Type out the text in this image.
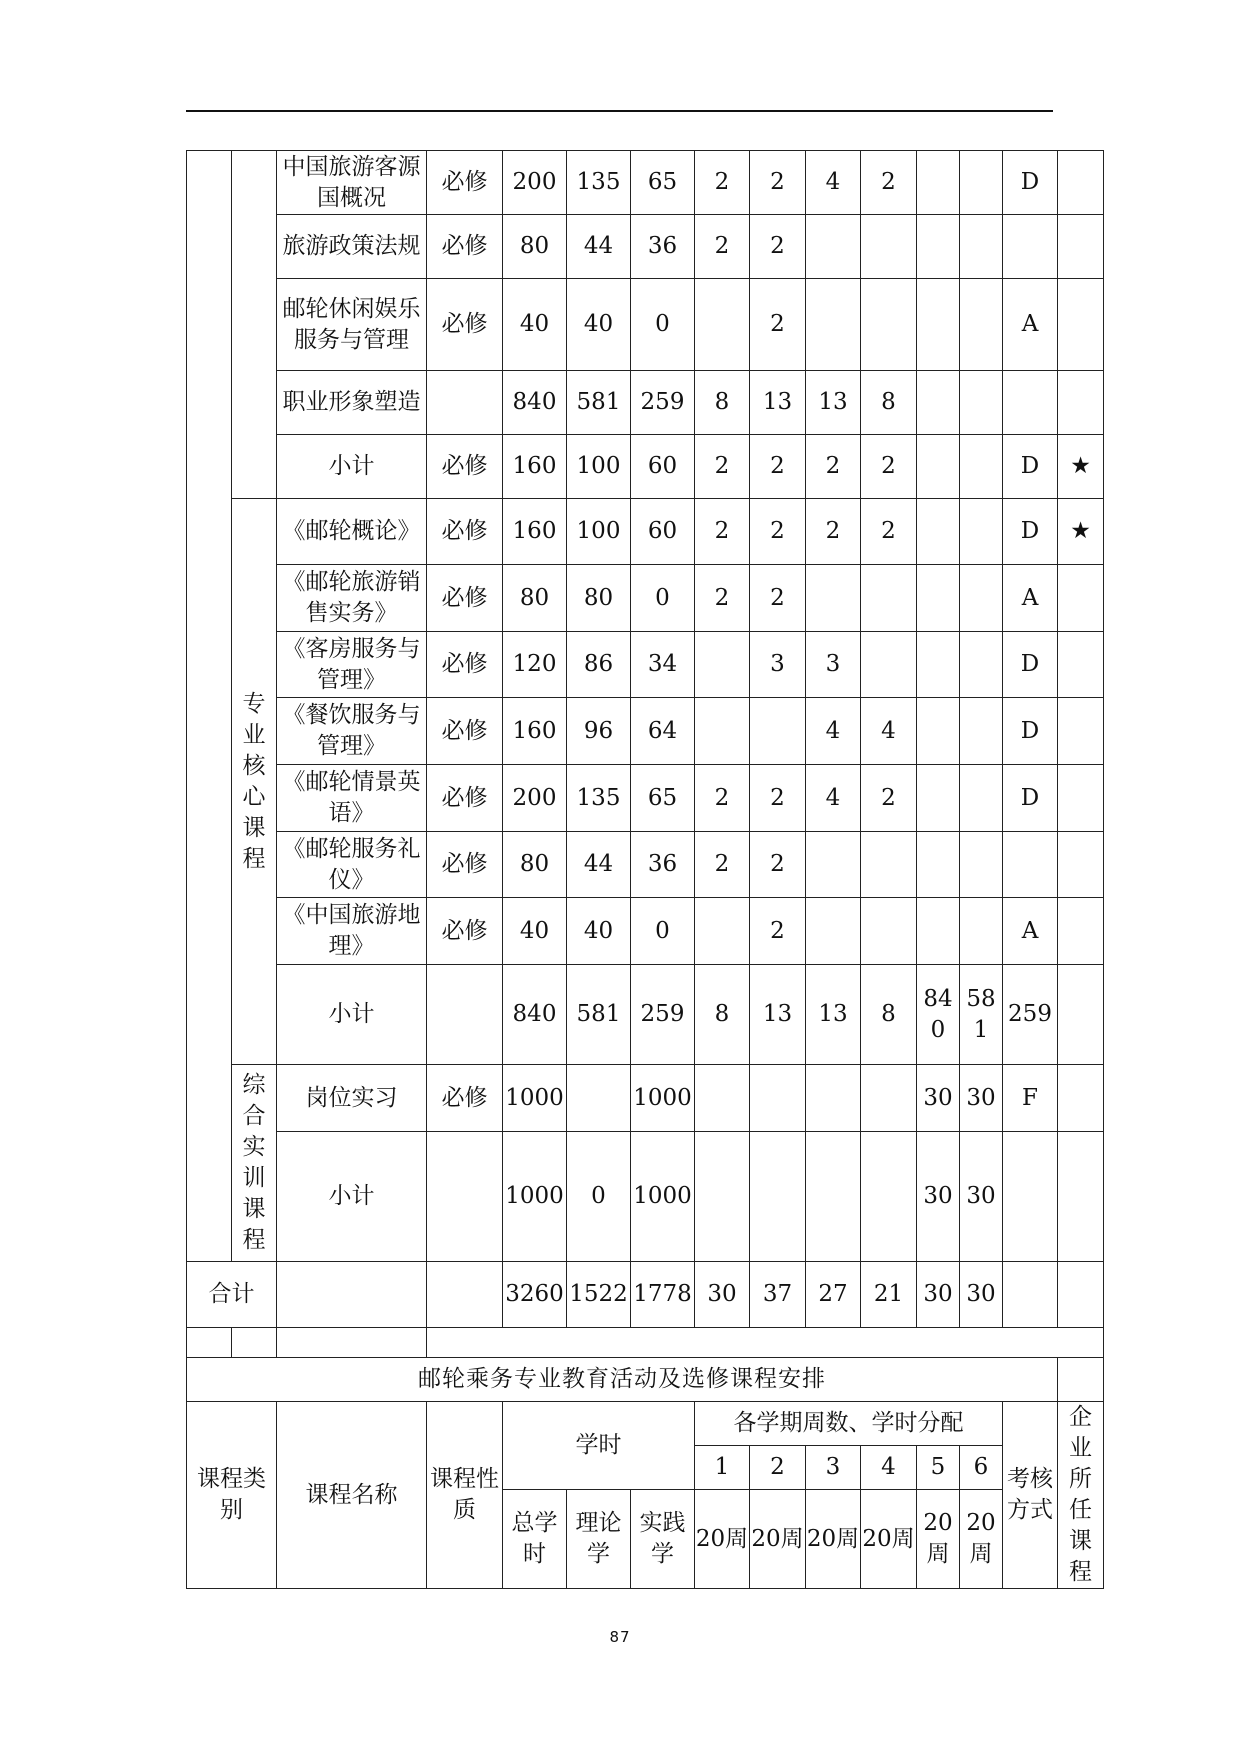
		中国旅游客源国概况	必修	200	135	65	2	2	4	2			D	
		旅游政策法规	必修	80	44	36	2	2						
		邮轮休闲娱乐服务与管理	必修	40	40	0		2					A	
		职业形象塑造		840	581	259	8	13	13	8				
		小计	必修	160	100	60	2	2	2	2			D	★
	专业核心课程	《邮轮概论》	必修	160	100	60	2	2	2	2			D	★
		《邮轮旅游销售实务》	必修	80	80	0	2	2					A	
		《客房服务与管理》	必修	120	86	34		3	3				D	
		《餐饮服务与管理》	必修	160	96	64			4	4			D	
		《邮轮情景英语》	必修	200	135	65	2	2	4	2			D	
		《邮轮服务礼仪》	必修	80	44	36	2	2						
		《中国旅游地理》	必修	40	40	0		2					A	
		小计		840	581	259	8	13	13	8	840	581	259	
	综合实训课程	岗位实习	必修	1000		1000					30	30	F	
		小计		1000	0	1000					30	30		
合计				3260	1522	1778	30	37	27	21	30	30		

邮轮乘务专业教育活动及选修课程安排														
课程类别		课程名称	课程性质	学时			各学期周数、学时分配						考核方式	企业所任课程
							1	2	3	4	5	6		
				总学时	理论学	实践学	20周	20周	20周	20周	20周	20周		
87
